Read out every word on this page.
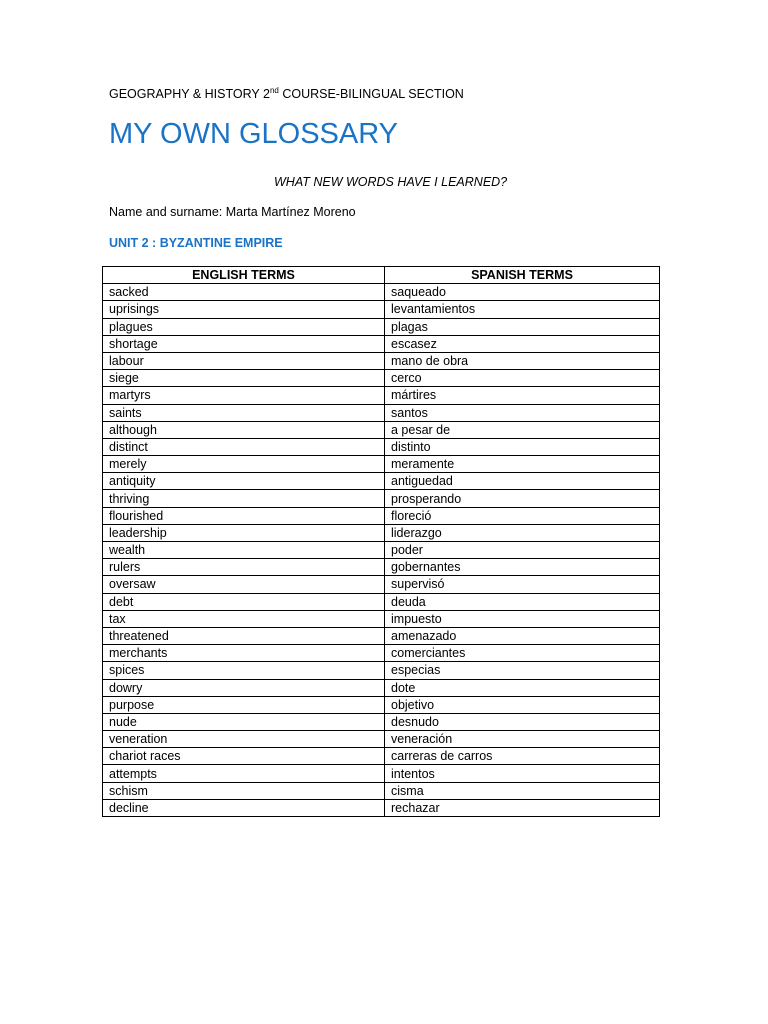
GEOGRAPHY & HISTORY 2nd COURSE-BILINGUAL SECTION
MY OWN GLOSSARY
WHAT NEW WORDS HAVE I LEARNED?
Name and surname: Marta Martínez Moreno
UNIT 2 : BYZANTINE EMPIRE
ENGLISH TERMS	SPANISH TERMS
sacked	saqueado
uprisings	levantamientos
plagues	plagas
shortage	escasez
labour	mano de obra
siege	cerco
martyrs	mártires
saints	santos
although	a pesar de
distinct	distinto
merely	meramente
antiquity	antiguedad
thriving	prosperando
flourished	floreció
leadership	liderazgo
wealth	poder
rulers	gobernantes
oversaw	supervisó
debt	deuda
tax	impuesto
threatened	amenazado
merchants	comerciantes
spices	especias
dowry	dote
purpose	objetivo
nude	desnudo
veneration	veneración
chariot races	carreras de carros
attempts	intentos
schism	cisma
decline	rechazar
